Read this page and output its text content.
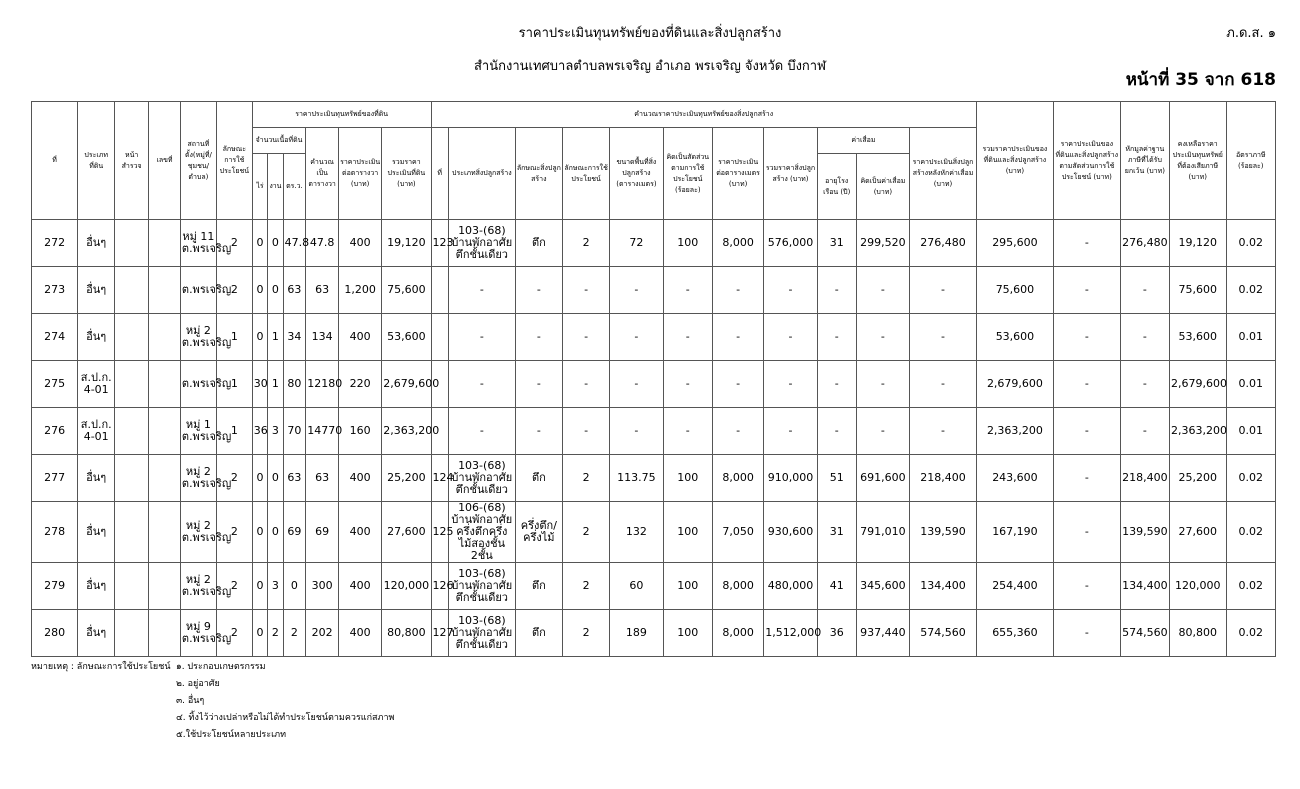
ราคาประเมินทุนทรัพย์ของที่ดินและสิ่งปลูกสร้าง
สำนักงานเทศบาลตำบลพรเจริญ อำเภอ พรเจริญ จังหวัด บึงกาฬ
ภ.ด.ส. ๑
หน้าที่ 35 จาก 618
ที่	ประเภทที่ดิน	หน้าสำรวจ	เลขที่	สถานที่ตั้ง(หมู่ที่/ชุมชน/ตำบล)	ลักษณะการใช้ประโยชน์	ราคาประเมินทุนทรัพย์ของที่ดิน						คำนวณราคาประเมินทุนทรัพย์ของสิ่งปลูกสร้าง											รวมราคาประเมินของที่ดินและสิ่งปลูกสร้าง (บาท)	ราคาประเมินของที่ดินและสิ่งปลูกสร้างตามสัดส่วนการใช้ประโยชน์ (บาท)	หักมูลค่าฐานภาษีที่ได้รับยกเว้น (บาท)	คงเหลือราคาประเมินทุนทรัพย์ที่ต้องเสียภาษี (บาท)	อัตราภาษี (ร้อยละ)
						จำนวนเนื้อที่ดิน			คำนวณเป็นตารางวา	ราคาประเมินต่อตารางวา (บาท)	รวมราคาประเมินที่ดิน (บาท)	ที่	ประเภทสิ่งปลูกสร้าง	ลักษณะสิ่งปลูกสร้าง	ลักษณะการใช้ประโยชน์	ขนาดพื้นที่สิ่งปลูกสร้าง (ตารางเมตร)	คิดเป็นสัดส่วนตามการใช้ประโยชน์ (ร้อยละ)	ราคาประเมินต่อตารางเมตร (บาท)	รวมราคาสิ่งปลูกสร้าง (บาท)	ค่าเสื่อม		ราคาประเมินสิ่งปลูกสร้างหลังหักค่าเสื่อม (บาท)					
						ไร่	งาน	ตร.ว.												อายุโรงเรือน (ปี)	คิดเป็นค่าเสื่อม (บาท)						
272	อื่นๆ			หมู่ 11 ต.พรเจริญ	2	0	0	47.8	47.8	400	19,120	123	103-(68) บ้านพักอาศัยตึกชั้นเดียว	ตึก	2	72	100	8,000	576,000	31	299,520	276,480	295,600	-	276,480	19,120	0.02
273	อื่นๆ			ต.พรเจริญ	2	0	0	63	63	1,200	75,600		-	-	-	-	-	-	-	-	-	-	75,600	-	-	75,600	0.02
274	อื่นๆ			หมู่ 2 ต.พรเจริญ	1	0	1	34	134	400	53,600		-	-	-	-	-	-	-	-	-	-	53,600	-	-	53,600	0.01
275	ส.ป.ก. 4-01			ต.พรเจริญ	1	30	1	80	12180	220	2,679,600		-	-	-	-	-	-	-	-	-	-	2,679,600	-	-	2,679,600	0.01
276	ส.ป.ก. 4-01			หมู่ 1 ต.พรเจริญ	1	36	3	70	14770	160	2,363,200		-	-	-	-	-	-	-	-	-	-	2,363,200	-	-	2,363,200	0.01
277	อื่นๆ			หมู่ 2 ต.พรเจริญ	2	0	0	63	63	400	25,200	124	103-(68) บ้านพักอาศัยตึกชั้นเดียว	ตึก	2	113.75	100	8,000	910,000	51	691,600	218,400	243,600	-	218,400	25,200	0.02
278	อื่นๆ			หมู่ 2 ต.พรเจริญ	2	0	0	69	69	400	27,600	125	106-(68) บ้านพักอาศัยครึ่งตึกครึ่งไม้สองชั้น 2ชั้น	ครึ่งตึก/ครึ่งไม้	2	132	100	7,050	930,600	31	791,010	139,590	167,190	-	139,590	27,600	0.02
279	อื่นๆ			หมู่ 2 ต.พรเจริญ	2	0	3	0	300	400	120,000	126	103-(68) บ้านพักอาศัยตึกชั้นเดียว	ตึก	2	60	100	8,000	480,000	41	345,600	134,400	254,400	-	134,400	120,000	0.02
280	อื่นๆ			หมู่ 9 ต.พรเจริญ	2	0	2	2	202	400	80,800	127	103-(68) บ้านพักอาศัยตึกชั้นเดียว	ตึก	2	189	100	8,000	1,512,000	36	937,440	574,560	655,360	-	574,560	80,800	0.02
หมายเหตุ : ลักษณะการใช้ประโยชน์ ๑. ประกอบเกษตรกรรม
๒. อยู่อาศัย
๓. อื่นๆ
๔. ทิ้งไว้ว่างเปล่าหรือไม่ได้ทำประโยชน์ตามควรแก่สภาพ
๕.ใช้ประโยชน์หลายประเภท
